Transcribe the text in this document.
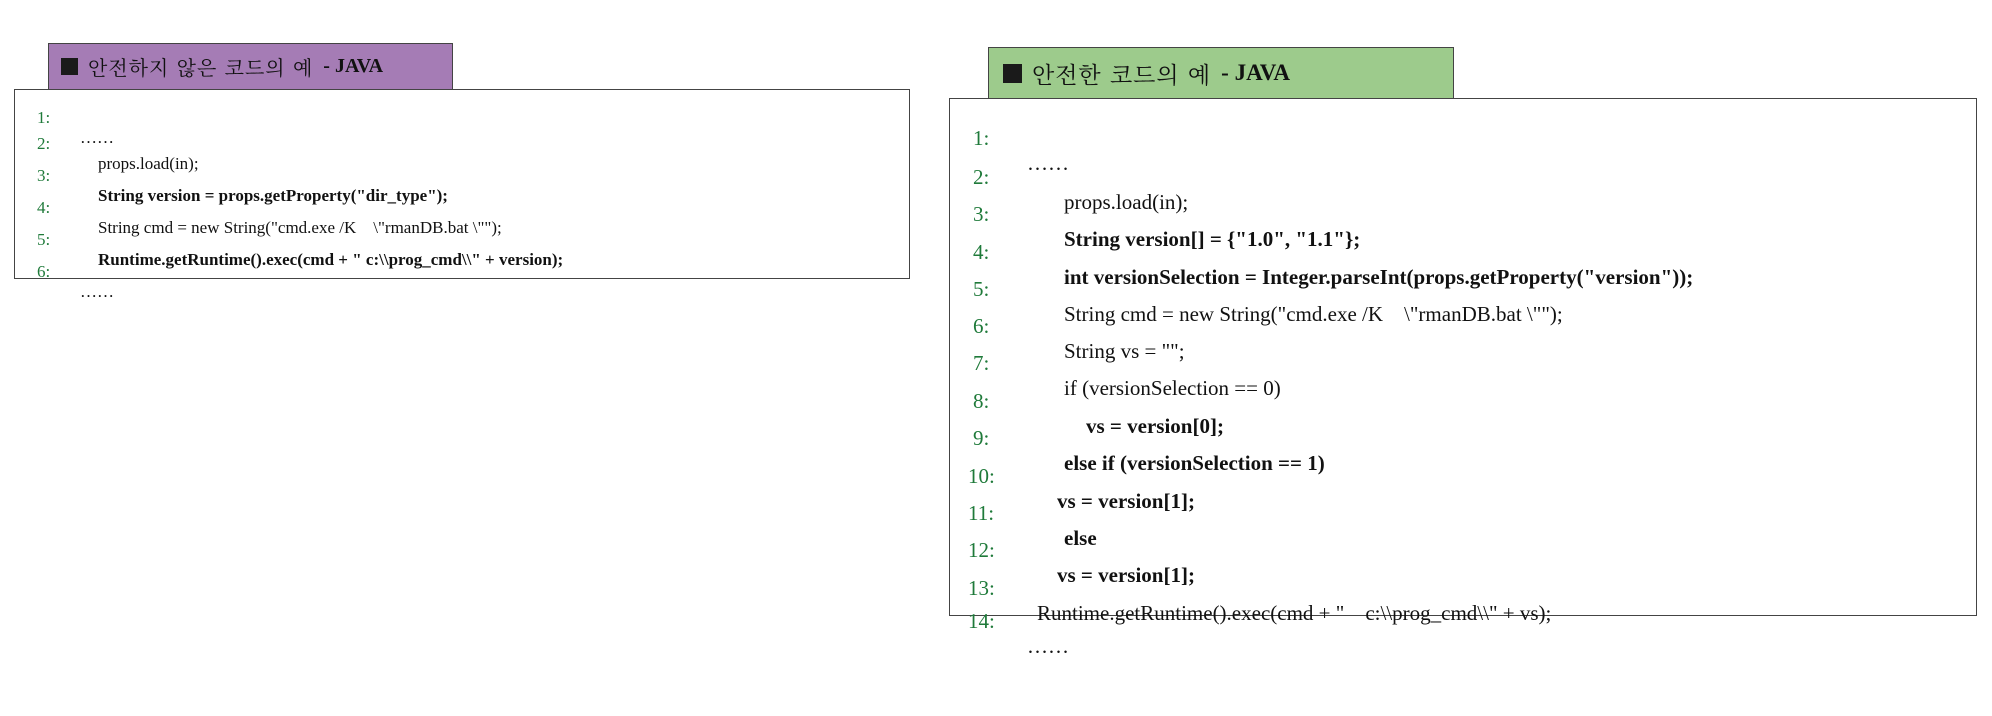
안전하지 않은 코드의 예 - JAVA

1:

……

2:

props.load(in);

3:

String version = props.getProperty("dir_type");

4:

String cmd = new String("cmd.exe /K    \"rmanDB.bat \"");

5:

Runtime.getRuntime().exec(cmd + " c:\\prog_cmd\\" + version);

6:

……

안전한 코드의 예 - JAVA

1:

……

2:

props.load(in);

3:

String version[] = {"1.0", "1.1"};

4:

int versionSelection = Integer.parseInt(props.getProperty("version"));

5:

String cmd = new String("cmd.exe /K    \"rmanDB.bat \"");

6:

String vs = "";

7:

if (versionSelection == 0)

8:

vs = version[0];

9:

else if (versionSelection == 1)

10:

vs = version[1];

11:

else

12:

vs = version[1];

13:

Runtime.getRuntime().exec(cmd + "    c:\\prog_cmd\\" + vs);

14:

……
